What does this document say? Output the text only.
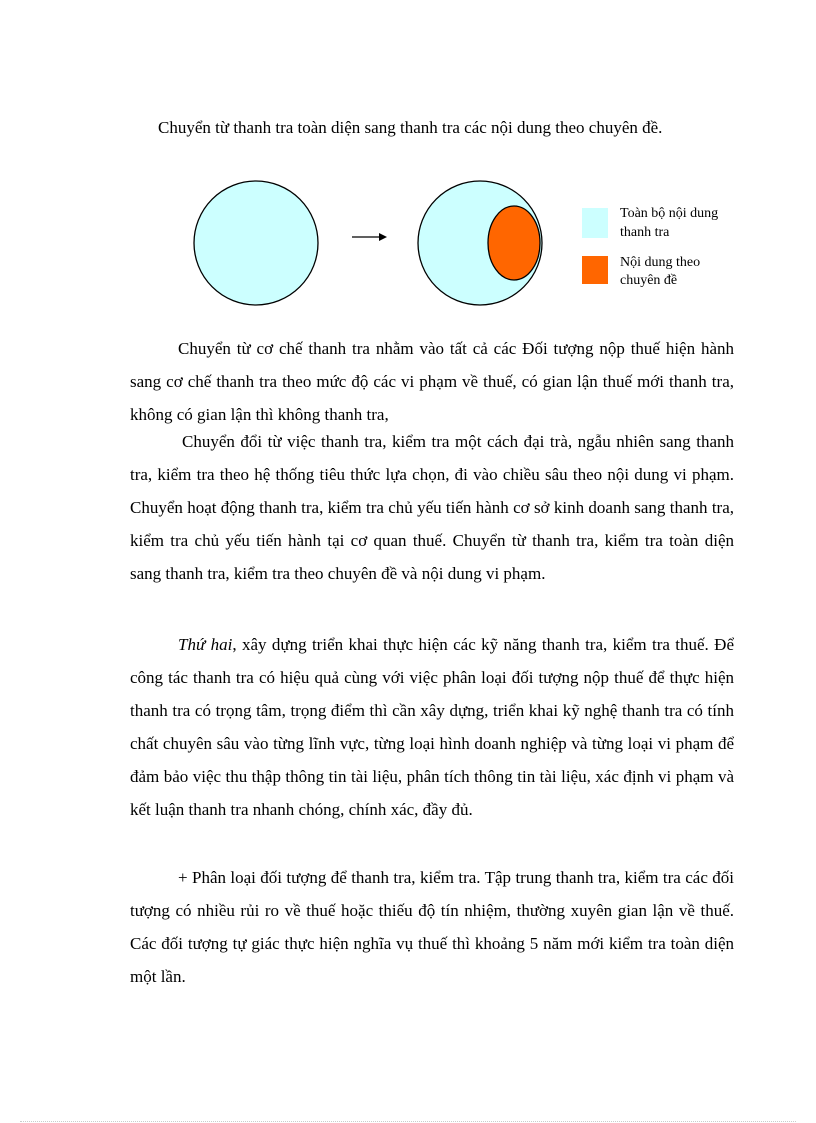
Chuyển từ thanh tra toàn diện sang thanh tra các nội dung theo chuyên đề.
Toàn bộ nội dung
thanh tra
Nội dung theo
chuyên đề

Chuyển từ cơ chế thanh tra nhằm vào tất cả các Đối tượng nộp thuế hiện hành sang cơ chế thanh tra theo mức độ các vi phạm về thuế, có gian lận thuế mới thanh tra, không có gian lận thì không thanh tra,

Chuyển đổi từ việc thanh tra, kiểm tra một cách đại trà, ngẫu nhiên sang thanh tra, kiểm tra theo hệ thống tiêu thức lựa chọn, đi vào chiều sâu theo nội dung vi phạm. Chuyển hoạt động thanh tra, kiểm tra chủ yếu tiến hành cơ sở kinh doanh sang thanh tra, kiểm tra chủ yếu tiến hành tại cơ quan thuế. Chuyển từ thanh tra, kiểm tra toàn diện sang thanh tra, kiểm tra theo chuyên đề và nội dung vi phạm.

Thứ hai, xây dựng triển khai thực hiện các kỹ năng thanh tra, kiểm tra thuế. Để công tác thanh tra có hiệu quả cùng với việc phân loại đối tượng nộp thuế để thực hiện thanh tra có trọng tâm, trọng điểm thì cần xây dựng, triển khai kỹ nghệ thanh tra có tính chất chuyên sâu vào từng lĩnh vực, từng loại hình doanh nghiệp và từng loại vi phạm để đảm bảo việc thu thập thông tin tài liệu, phân tích thông tin tài liệu, xác định vi phạm và kết luận thanh tra nhanh chóng, chính xác, đầy đủ.

+ Phân loại đối tượng để thanh tra, kiểm tra. Tập trung thanh tra, kiểm tra các đối tượng có nhiều rủi ro về thuế hoặc thiếu độ tín nhiệm, thường xuyên gian lận về thuế. Các đối tượng tự giác thực hiện nghĩa vụ thuế thì khoảng 5 năm mới kiểm tra toàn diện một lần.
